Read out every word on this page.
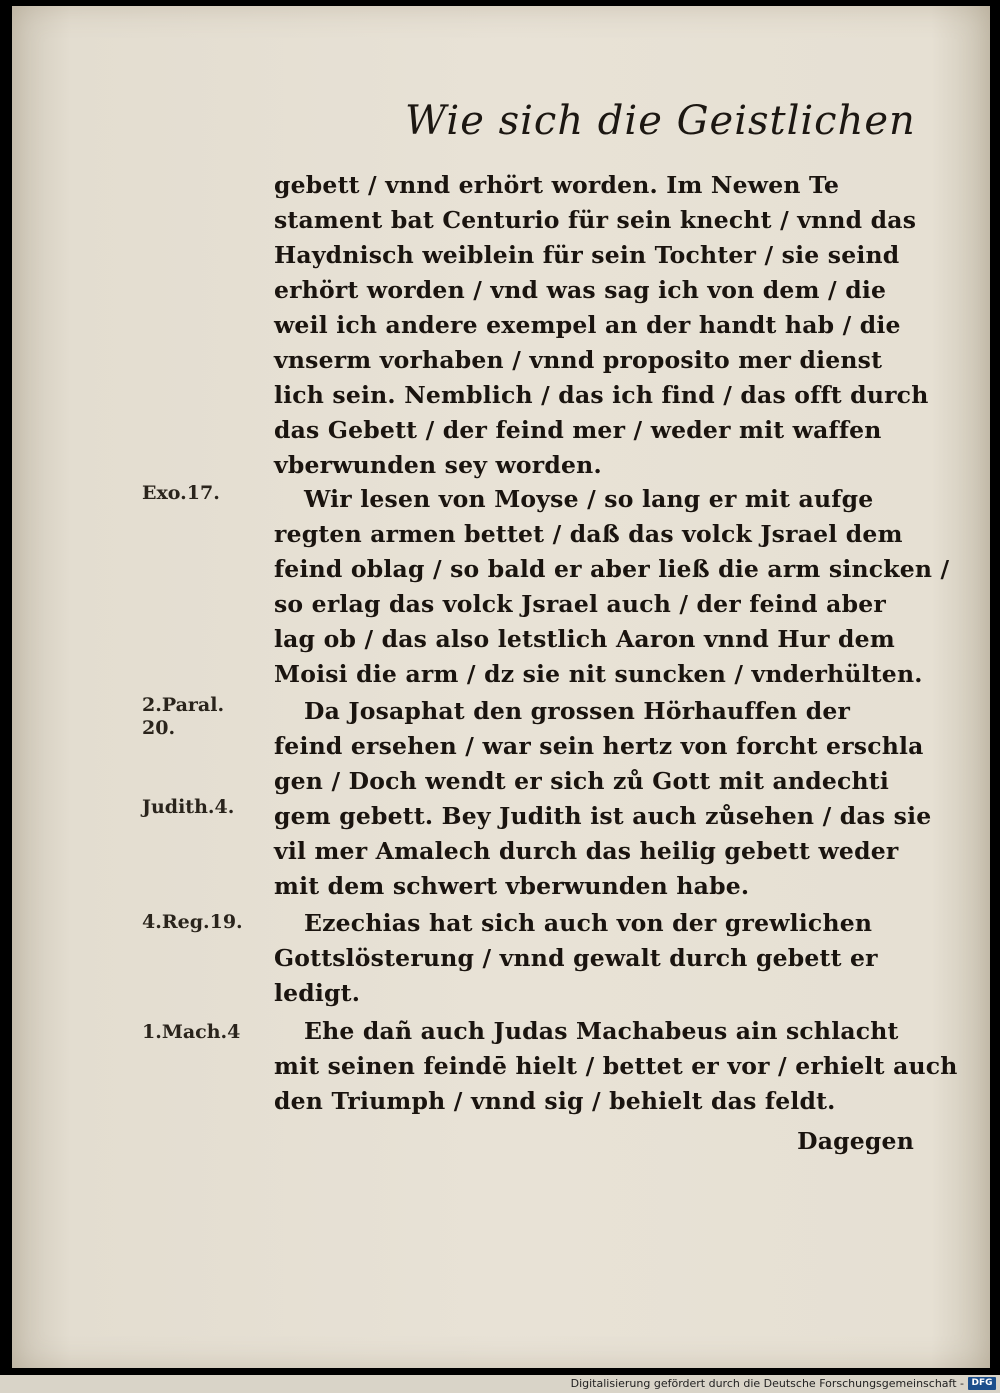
Wie sich die Geistlichen
gebett / vnnd erhört worden. Im Newen Te
stament bat Centurio für sein knecht / vnnd das
Haydnisch weiblein für sein Tochter / sie seind
erhört worden / vnd was sag ich von dem / die
weil ich andere exempel an der handt hab / die
vnserm vorhaben / vnnd proposito mer dienst
lich sein. Nemblich / das ich find / das offt durch
das Gebett / der feind mer / weder mit waffen
vberwunden sey worden.
Exo.17.	Wir lesen von Moyse / so lang er mit aufge
regten armen bettet / daß das volck Jsrael dem
feind oblag / so bald er aber ließ die arm sincken /
so erlag das volck Jsrael auch / der feind aber
lag ob / das also letstlich Aaron vnnd Hur dem
Moisi die arm / dz sie nit suncken / vnderhülten.
2.Paral.
20.
Da Josaphat den grossen Hörhauffen der
feind ersehen / war sein hertz von forcht erschla
gen / Doch wendt er sich zů Gott mit andechti
Judith.4.	gem gebett. Bey Judith ist auch zůsehen / das sie
vil mer Amalech durch das heilig gebett weder
mit dem schwert vberwunden habe.
4.Reg.19.	Ezechias hat sich auch von der grewlichen
Gottslösterung / vnnd gewalt durch gebett er
ledigt.
1.Mach.4	Ehe dañ auch Judas Machabeus ain schlacht
mit seinen feindē hielt / bettet er vor / erhielt auch
den Triumph / vnnd sig / behielt das feldt.
Dagegen
Digitalisierung gefördert durch die Deutsche Forschungsgemeinschaft - DFG
